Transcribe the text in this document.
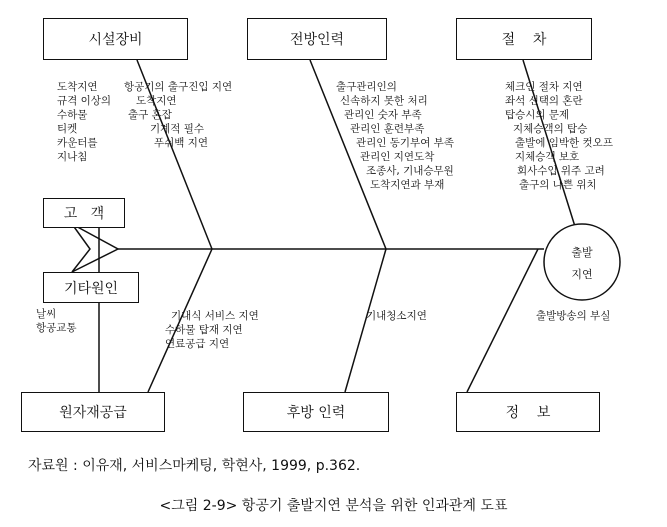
시설장비	전방인력	절    차
고   객
기타원인
원자재공급	후방 인력	정    보
출발
지연
도착지연
규격 이상의
수하물
티켓
카운터를
지나침
항공기의 출구진입 지연
도착지연
출구 혼잡
기계적 필수
푸쉬백 지연
출구관리인의
신속하지 못한 처리
관리인 숫자 부족
관리인 훈련부족
관리인 동기부여 부족
관리인 지연도착
조종사, 기내승무원
도착지연과 부재
체크인 절차 지연
좌석 선택의 혼란
탑승시의 문제
지체승객의 탑승
출발에 임박한 컷오프
지체승객 보호
회사수입 위주 고려
출구의 나쁜 위치
날씨
항공교통
기내식 서비스 지연
수하물 탑재 지연
연료공급 지연
기내청소지연	출발방송의 부실
자료원 : 이유재, 서비스마케팅, 학현사, 1999, p.362.
<그림 2-9> 항공기 출발지연 분석을 위한 인과관계 도표
